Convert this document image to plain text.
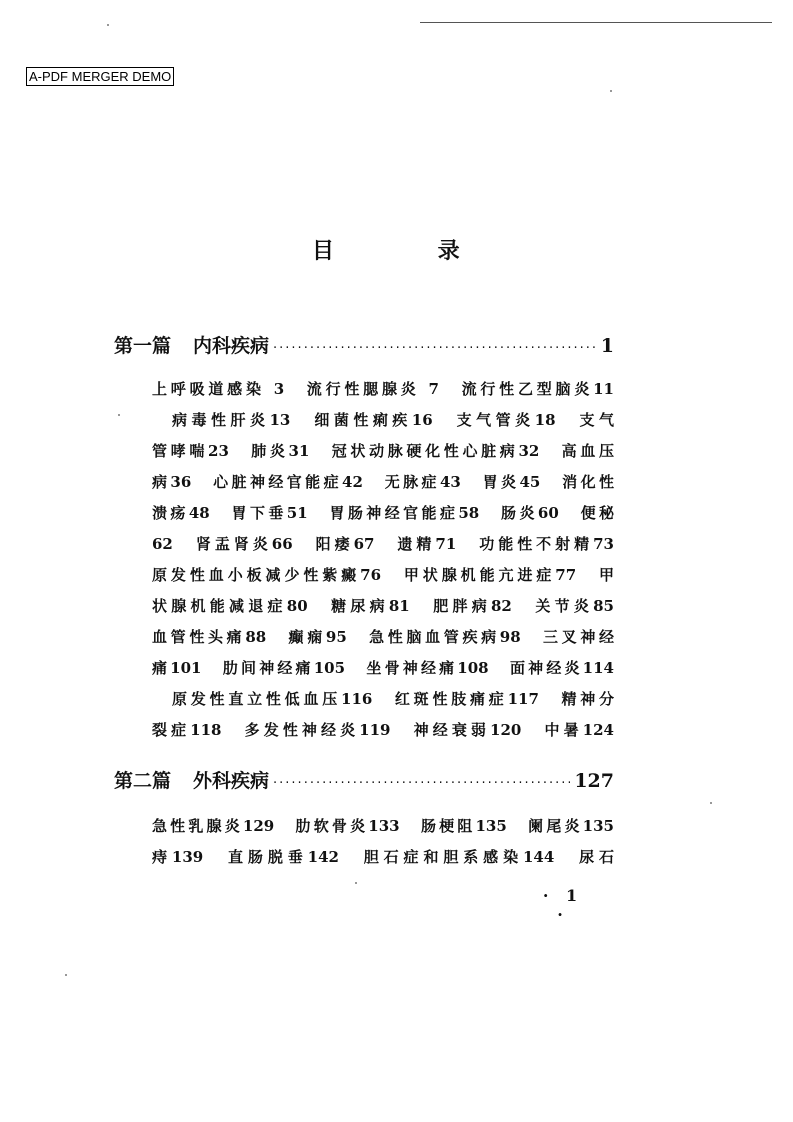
A-PDF MERGER DEMO
目 录
第一篇 内科疾病 ·····	1
上呼吸道感染 3　流行性腮腺炎 7　流行性乙型脑炎11
病毒性肝炎13　细菌性痢疾16　支气管炎18　支气
管哮喘23　肺炎31　冠状动脉硬化性心脏病32　高血压
病36　心脏神经官能症42　无脉症43　胃炎45　消化性
溃疡48　胃下垂51　胃肠神经官能症58　肠炎60　便秘
62　肾盂肾炎66　阳痿67　遗精71　功能性不射精73
原发性血小板减少性紫癜76　甲状腺机能亢进症77　甲
状腺机能减退症80　糖尿病81　肥胖病82　关节炎85
血管性头痛88　癫痫95　急性脑血管疾病98　三叉神经
痛101　肋间神经痛105　坐骨神经痛108　面神经炎114
原发性直立性低血压116　红斑性肢痛症117　精神分
裂症118　多发性神经炎119　神经衰弱120　中暑124
第二篇 外科疾病 ·····	127
急性乳腺炎129　肋软骨炎133　肠梗阻135　阑尾炎135
痔139　直肠脱垂142　胆石症和胆系感染144　尿石
· 1 ·
